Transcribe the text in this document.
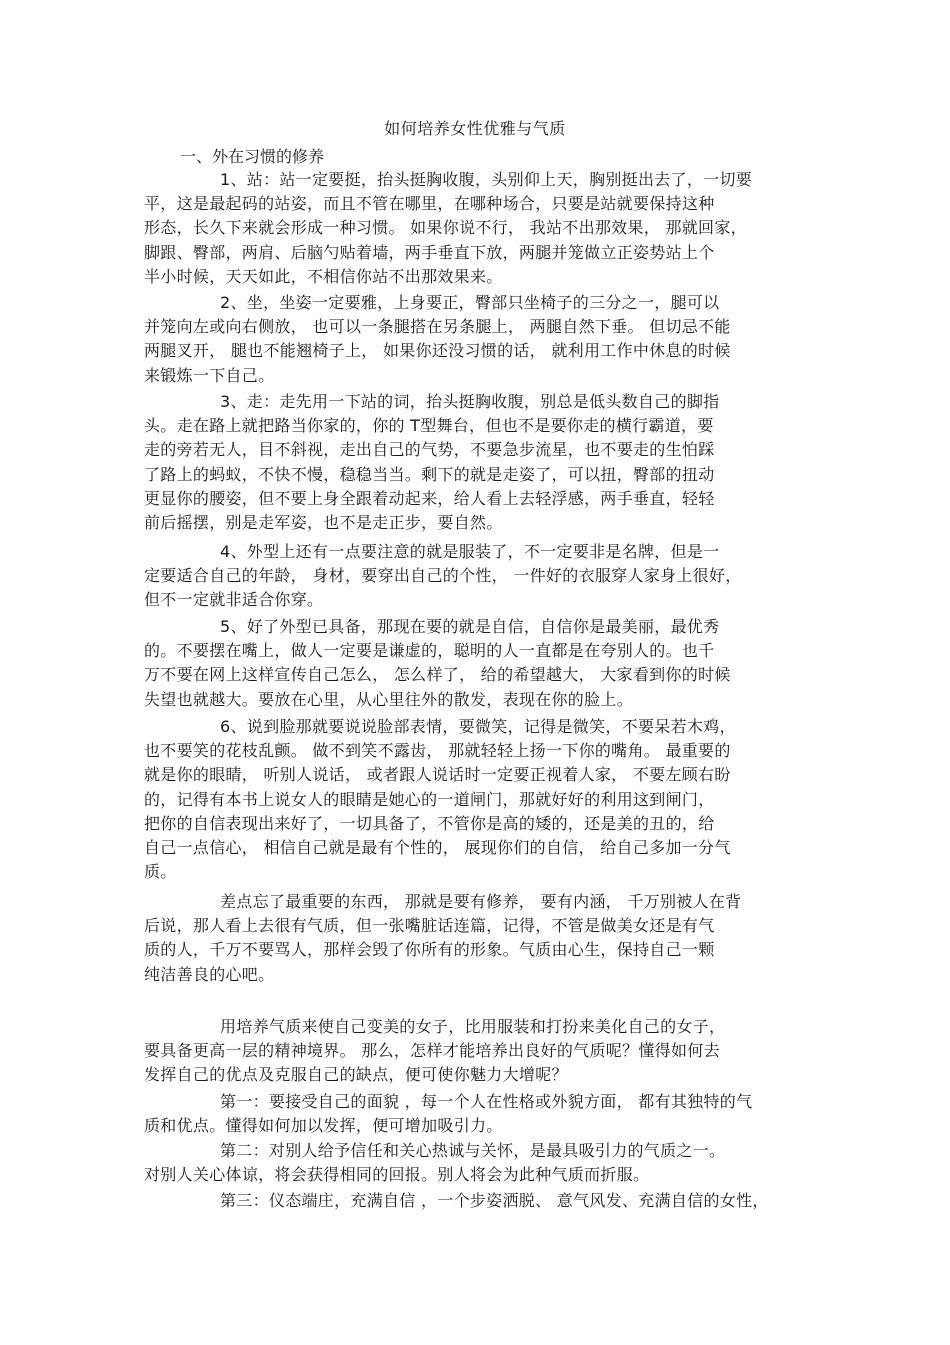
如何培养女性优雅与气质
一、外在习惯的修养
1、站：站一定要挺，抬头挺胸收腹，头别仰上天，胸别挺出去了，一切要
平，这是最起码的站姿，而且不管在哪里，在哪种场合，只要是站就要保持这种
形态，长久下来就会形成一种习惯。 如果你说不行， 我站不出那效果， 那就回家，
脚跟、臀部，两肩、后脑勺贴着墙，两手垂直下放，两腿并笼做立正姿势站上个
半小时候，天天如此，不相信你站不出那效果来。
2、坐，坐姿一定要雅，上身要正，臀部只坐椅子的三分之一，腿可以
并笼向左或向右侧放， 也可以一条腿搭在另条腿上， 两腿自然下垂。 但切忌不能
两腿叉开， 腿也不能翘椅子上， 如果你还没习惯的话， 就利用工作中休息的时候
来锻炼一下自己。
3、走：走先用一下站的词，抬头挺胸收腹，别总是低头数自己的脚指
头。走在路上就把路当你家的，你的 T型舞台，但也不是要你走的横行霸道，要
走的旁若无人，目不斜视，走出自己的气势，不要急步流星，也不要走的生怕踩
了路上的蚂蚁，不快不慢，稳稳当当。剩下的就是走姿了，可以扭，臀部的扭动
更显你的腰姿，但不要上身全跟着动起来，给人看上去轻浮感，两手垂直，轻轻
前后摇摆，别是走军姿，也不是走正步，要自然。
4、外型上还有一点要注意的就是服装了，不一定要非是名牌，但是一
定要适合自己的年龄， 身材，要穿出自己的个性， 一件好的衣服穿人家身上很好，
但不一定就非适合你穿。
5、好了外型已具备，那现在要的就是自信，自信你是最美丽，最优秀
的。不要摆在嘴上，做人一定要是谦虚的，聪明的人一直都是在夸别人的。也千
万不要在网上这样宣传自己怎么， 怎么样了， 给的希望越大， 大家看到你的时候
失望也就越大。要放在心里，从心里往外的散发，表现在你的脸上。
6、说到脸那就要说说脸部表情，要微笑，记得是微笑，不要呆若木鸡，
也不要笑的花枝乱颤。 做不到笑不露齿， 那就轻轻上扬一下你的嘴角。 最重要的
就是你的眼睛， 听别人说话， 或者跟人说话时一定要正视着人家， 不要左顾右盼
的，记得有本书上说女人的眼睛是她心的一道闸门，那就好好的利用这到闸门，
把你的自信表现出来好了，一切具备了，不管你是高的矮的，还是美的丑的，给
自己一点信心， 相信自己就是最有个性的， 展现你们的自信， 给自己多加一分气
质。
差点忘了最重要的东西， 那就是要有修养， 要有内涵， 千万别被人在背
后说，那人看上去很有气质，但一张嘴脏话连篇，记得，不管是做美女还是有气
质的人，千万不要骂人，那样会毁了你所有的形象。气质由心生，保持自己一颗
纯洁善良的心吧。
用培养气质来使自己变美的女子，比用服装和打扮来美化自己的女子，
要具备更高一层的精神境界。 那么，怎样才能培养出良好的气质呢？懂得如何去
发挥自己的优点及克服自己的缺点，便可使你魅力大增呢？
第一：要接受自己的面貌 ，每一个人在性格或外貌方面， 都有其独特的气
质和优点。懂得如何加以发挥，便可增加吸引力。
第二：对别人给予信任和关心热诚与关怀，是最具吸引力的气质之一。
对别人关心体谅，将会获得相同的回报。别人将会为此种气质而折服。
第三：仪态端庄，充满自信 ，一个步姿洒脱、 意气风发、充满自信的女性，
